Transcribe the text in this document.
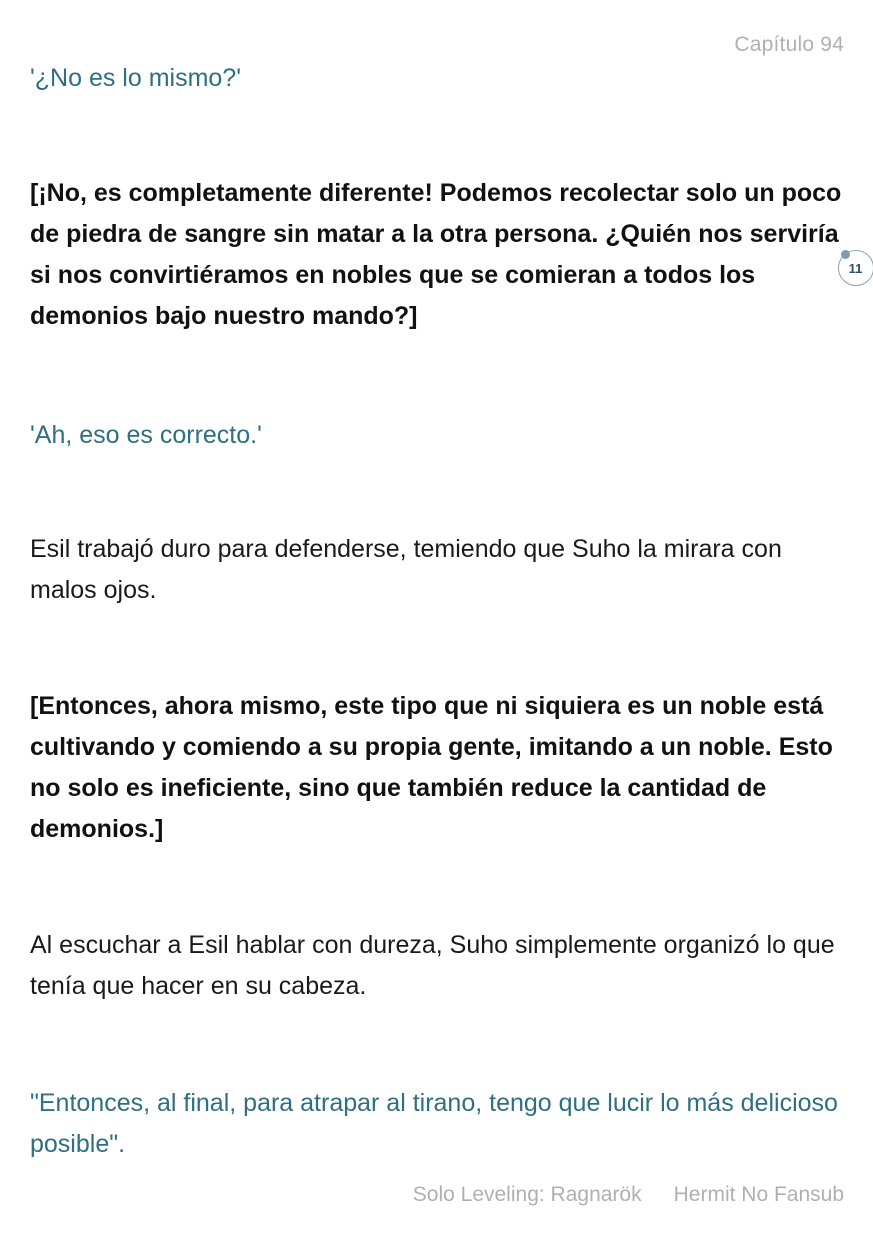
Capítulo 94

'¿No es lo mismo?'

[¡No, es completamente diferente! Podemos recolectar solo un poco de piedra de sangre sin matar a la otra persona. ¿Quién nos serviría si nos convirtiéramos en nobles que se comieran a todos los demonios bajo nuestro mando?]

'Ah, eso es correcto.'

Esil trabajó duro para defenderse, temiendo que Suho la mirara con malos ojos.

[Entonces, ahora mismo, este tipo que ni siquiera es un noble está cultivando y comiendo a su propia gente, imitando a un noble. Esto no solo es ineficiente, sino que también reduce la cantidad de demonios.]

Al escuchar a Esil hablar con dureza, Suho simplemente organizó lo que tenía que hacer en su cabeza.

"Entonces, al final, para atrapar al tirano, tengo que lucir lo más delicioso posible".

11
Solo Leveling: Ragnarök Hermit No Fansub
